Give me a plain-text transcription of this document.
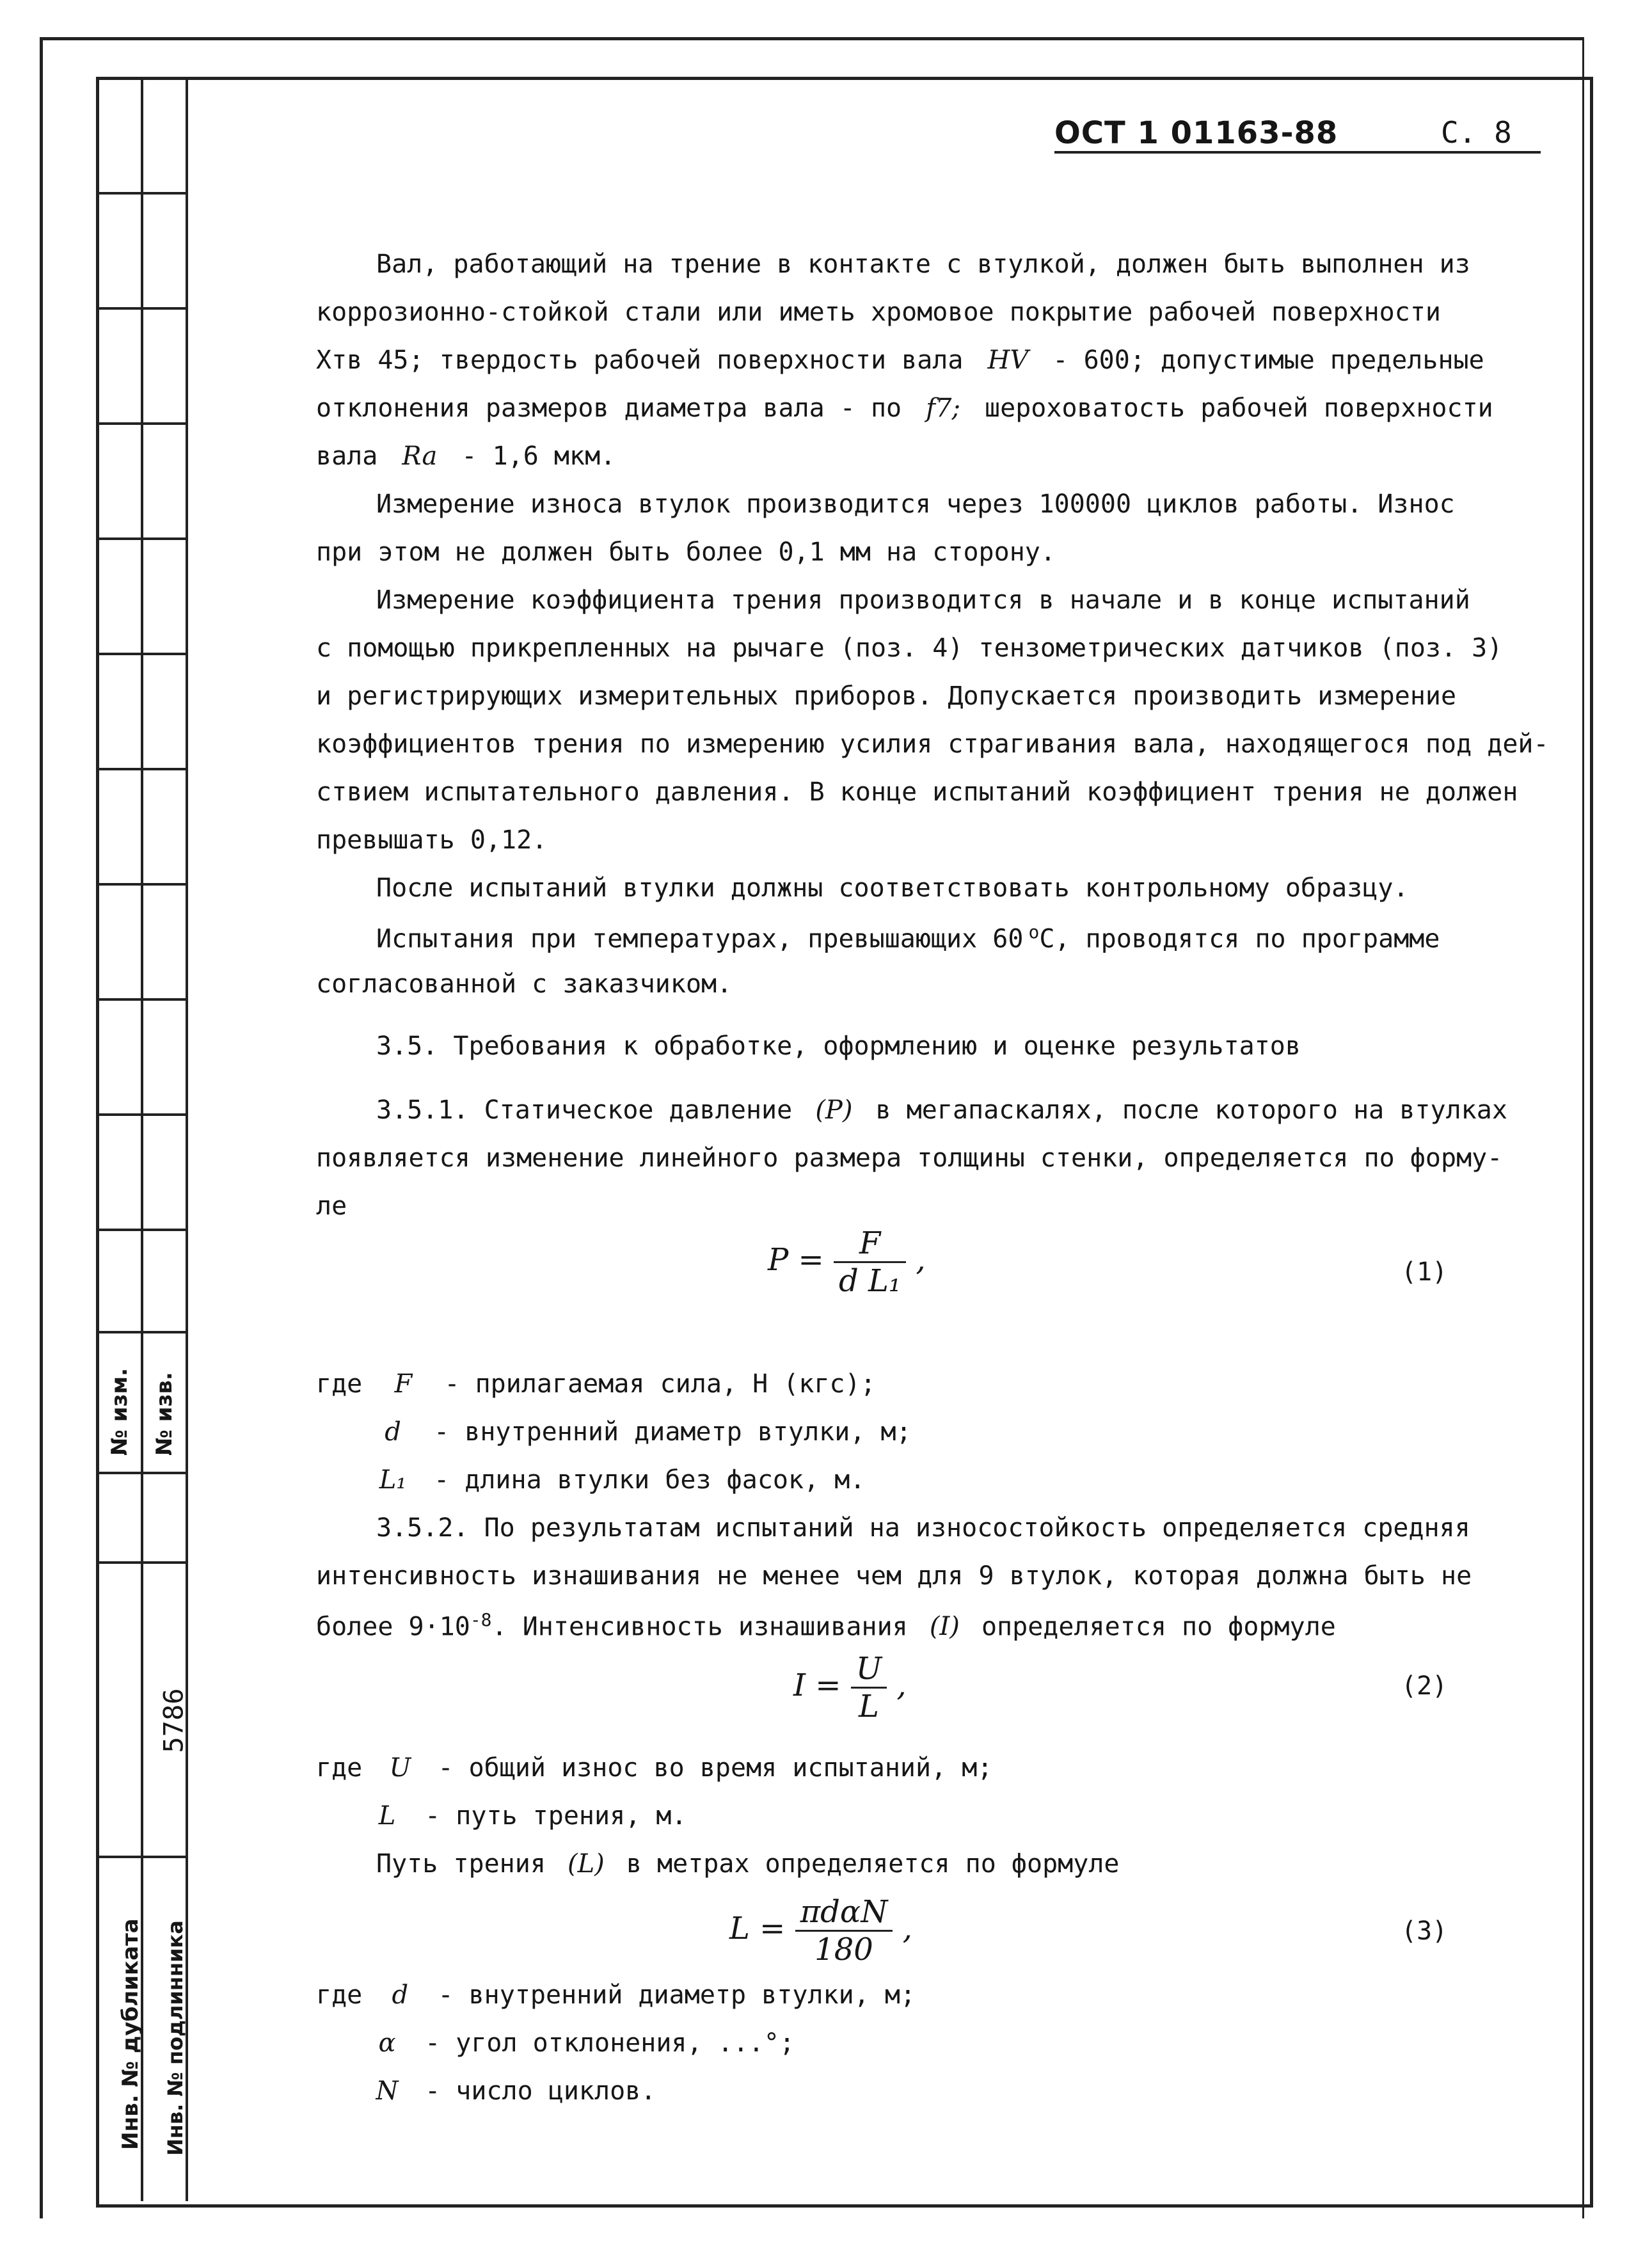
№ изм. № изв.
5786
Инв. № дубликата Инв. № подлинника
ОСТ 1 01163-88	С. 8
Вал, работающий на трение в контакте с втулкой, должен быть выполнен из
коррозионно-стойкой стали или иметь хромовое покрытие рабочей поверхности
Хтв 45; твердость рабочей поверхности вала HV - 600; допустимые предельные
отклонения размеров диаметра вала - по f7; шероховатость рабочей поверхности
вала Ra - 1,6 мкм.
Измерение износа втулок производится через 100000 циклов работы. Износ
при этом не должен быть более 0,1 мм на сторону.
Измерение коэффициента трения производится в начале и в конце испытаний
с помощью прикрепленных на рычаге (поз. 4) тензометрических датчиков (поз. 3)
и регистрирующих измерительных приборов. Допускается производить измерение
коэффициентов трения по измерению усилия страгивания вала, находящегося под дей-
ствием испытательного давления. В конце испытаний коэффициент трения не должен
превышать 0,12.
После испытаний втулки должны соответствовать контрольному образцу.
Испытания при температурах, превышающих 60 $^o$С, проводятся по программе
согласованной с заказчиком.
3.5. Требования к обработке, оформлению и оценке результатов
3.5.1. Статическое давление (P) в мегапаскалях, после которого на втулках
появляется изменение линейного размера толщины стенки, определяется по форму-
ле
$P = \frac{F}{\text{d L₁}}$ ,	(1)
где F - прилагаемая сила, Н (кгс);
d - внутренний диаметр втулки, м;
L₁ - длина втулки без фасок, м.
3.5.2. По результатам испытаний на износостойкость определяется средняя
интенсивность изнашивания не менее чем для 9 втулок, которая должна быть не
более $9\cdot 10^{-8}$. Интенсивность изнашивания (I) определяется по формуле
$I = \frac{U}{L}$ ,	(2)
где U - общий износ во время испытаний, м;
L - путь трения, м.
Путь трения (L) в метрах определяется по формуле
$L = \frac{\text{πdαN}}{180}$ ,	(3)
где d - внутренний диаметр втулки, м;
α - угол отклонения, ...°;
N - число циклов.
